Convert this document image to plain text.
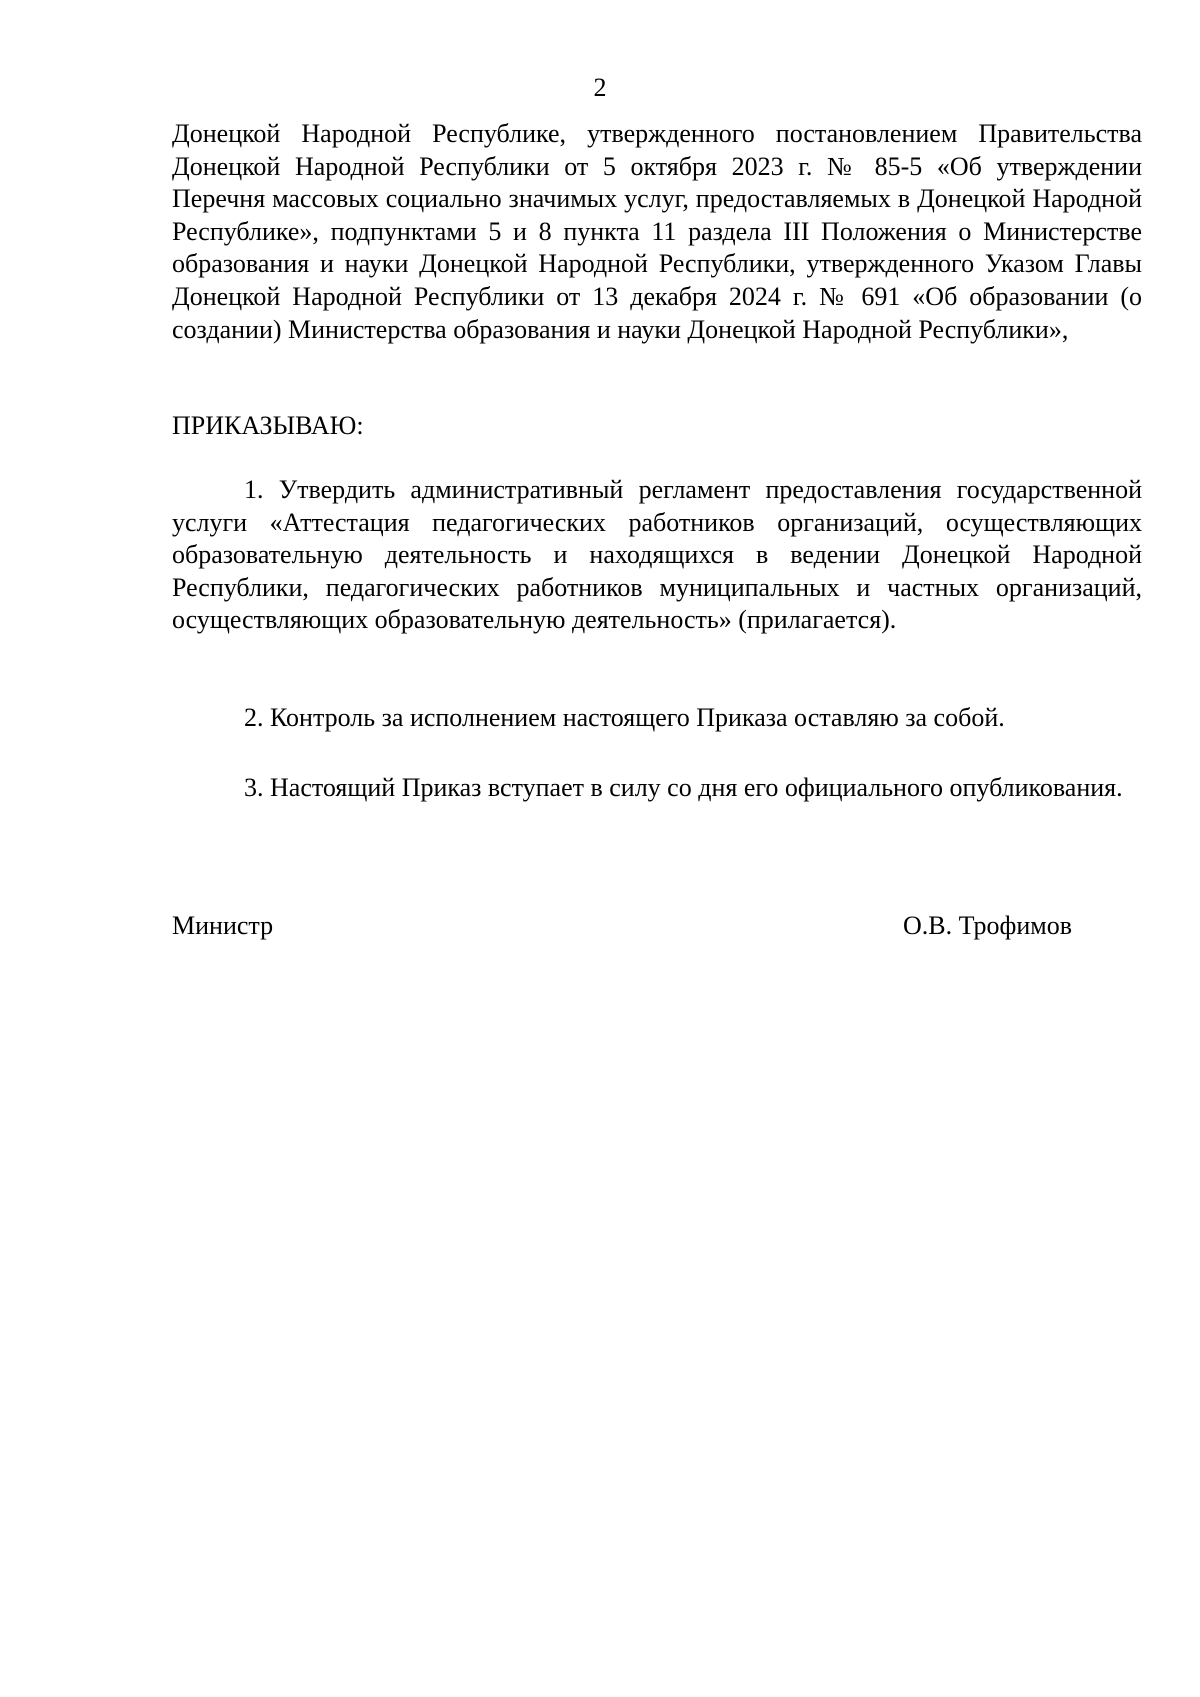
2
Донецкой Народной Республике, утвержденного постановлением Правительства Донецкой Народной Республики от 5 октября 2023 г. № 85-5 «Об утверждении Перечня массовых социально значимых услуг, предоставляемых в Донецкой Народной Республике», подпунктами 5 и 8 пункта 11 раздела III Положения о Министерстве образования и науки Донецкой Народной Республики, утвержденного Указом Главы Донецкой Народной Республики от 13 декабря 2024 г. № 691 «Об образовании (о создании) Министерства образования и науки Донецкой Народной Республики»,
ПРИКАЗЫВАЮ:
1. Утвердить административный регламент предоставления государственной услуги «Аттестация педагогических работников организаций, осуществляющих образовательную деятельность и находящихся в ведении Донецкой Народной Республики, педагогических работников муниципальных и частных организаций, осуществляющих образовательную деятельность» (прилагается).
2. Контроль за исполнением настоящего Приказа оставляю за собой.
3. Настоящий Приказ вступает в силу со дня его официального опубликования.
Министр	О.В. Трофимов
